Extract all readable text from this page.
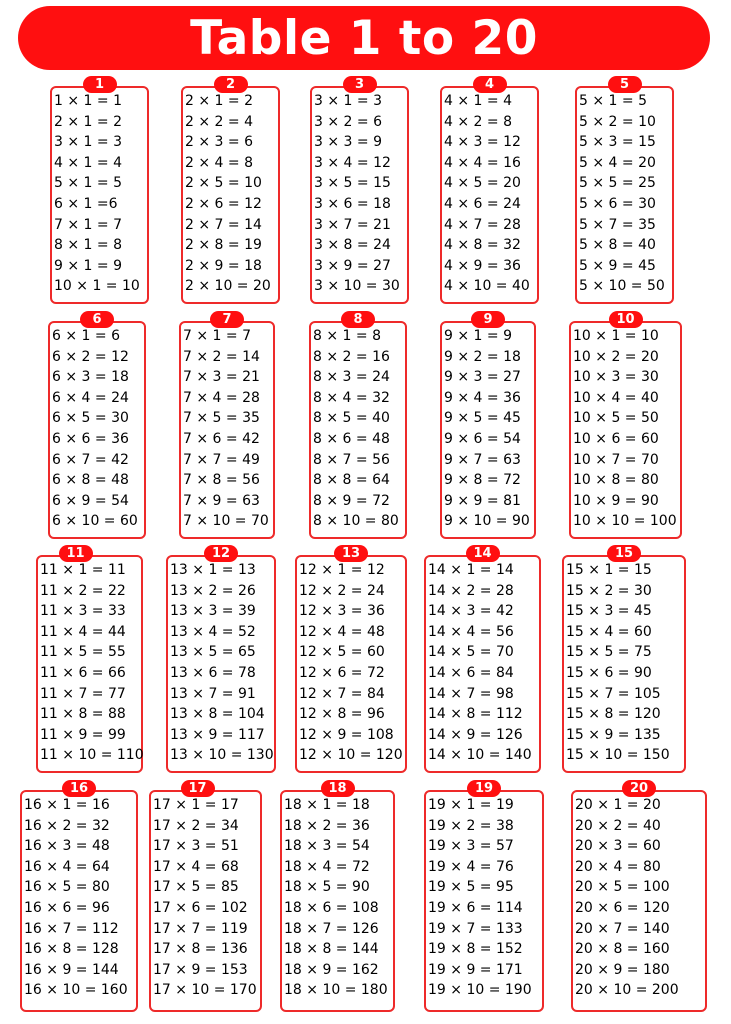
Table 1 to 20
1
1 × 1 = 1
2 × 1 = 2
3 × 1 = 3
4 × 1 = 4
5 × 1 = 5
6 × 1 =6
7 × 1 = 7
8 × 1 = 8
9 × 1 = 9
10 × 1 = 10
2
2 × 1 = 2
2 × 2 = 4
2 × 3 = 6
2 × 4 = 8
2 × 5 = 10
2 × 6 = 12
2 × 7 = 14
2 × 8 = 19
2 × 9 = 18
2 × 10 = 20
3
3 × 1 = 3
3 × 2 = 6
3 × 3 = 9
3 × 4 = 12
3 × 5 = 15
3 × 6 = 18
3 × 7 = 21
3 × 8 = 24
3 × 9 = 27
3 × 10 = 30
4
4 × 1 = 4
4 × 2 = 8
4 × 3 = 12
4 × 4 = 16
4 × 5 = 20
4 × 6 = 24
4 × 7 = 28
4 × 8 = 32
4 × 9 = 36
4 × 10 = 40
5
5 × 1 = 5
5 × 2 = 10
5 × 3 = 15
5 × 4 = 20
5 × 5 = 25
5 × 6 = 30
5 × 7 = 35
5 × 8 = 40
5 × 9 = 45
5 × 10 = 50
6
6 × 1 = 6
6 × 2 = 12
6 × 3 = 18
6 × 4 = 24
6 × 5 = 30
6 × 6 = 36
6 × 7 = 42
6 × 8 = 48
6 × 9 = 54
6 × 10 = 60
7
7 × 1 = 7
7 × 2 = 14
7 × 3 = 21
7 × 4 = 28
7 × 5 = 35
7 × 6 = 42
7 × 7 = 49
7 × 8 = 56
7 × 9 = 63
7 × 10 = 70
8
8 × 1 = 8
8 × 2 = 16
8 × 3 = 24
8 × 4 = 32
8 × 5 = 40
8 × 6 = 48
8 × 7 = 56
8 × 8 = 64
8 × 9 = 72
8 × 10 = 80
9
9 × 1 = 9
9 × 2 = 18
9 × 3 = 27
9 × 4 = 36
9 × 5 = 45
9 × 6 = 54
9 × 7 = 63
9 × 8 = 72
9 × 9 = 81
9 × 10 = 90
10
10 × 1 = 10
10 × 2 = 20
10 × 3 = 30
10 × 4 = 40
10 × 5 = 50
10 × 6 = 60
10 × 7 = 70
10 × 8 = 80
10 × 9 = 90
10 × 10 = 100
11
11 × 1 = 11
11 × 2 = 22
11 × 3 = 33
11 × 4 = 44
11 × 5 = 55
11 × 6 = 66
11 × 7 = 77
11 × 8 = 88
11 × 9 = 99
11 × 10 = 110
12
13 × 1 = 13
13 × 2 = 26
13 × 3 = 39
13 × 4 = 52
13 × 5 = 65
13 × 6 = 78
13 × 7 = 91
13 × 8 = 104
13 × 9 = 117
13 × 10 = 130
13
12 × 1 = 12
12 × 2 = 24
12 × 3 = 36
12 × 4 = 48
12 × 5 = 60
12 × 6 = 72
12 × 7 = 84
12 × 8 = 96
12 × 9 = 108
12 × 10 = 120
14
14 × 1 = 14
14 × 2 = 28
14 × 3 = 42
14 × 4 = 56
14 × 5 = 70
14 × 6 = 84
14 × 7 = 98
14 × 8 = 112
14 × 9 = 126
14 × 10 = 140
15
15 × 1 = 15
15 × 2 = 30
15 × 3 = 45
15 × 4 = 60
15 × 5 = 75
15 × 6 = 90
15 × 7 = 105
15 × 8 = 120
15 × 9 = 135
15 × 10 = 150
16
16 × 1 = 16
16 × 2 = 32
16 × 3 = 48
16 × 4 = 64
16 × 5 = 80
16 × 6 = 96
16 × 7 = 112
16 × 8 = 128
16 × 9 = 144
16 × 10 = 160
17
17 × 1 = 17
17 × 2 = 34
17 × 3 = 51
17 × 4 = 68
17 × 5 = 85
17 × 6 = 102
17 × 7 = 119
17 × 8 = 136
17 × 9 = 153
17 × 10 = 170
18
18 × 1 = 18
18 × 2 = 36
18 × 3 = 54
18 × 4 = 72
18 × 5 = 90
18 × 6 = 108
18 × 7 = 126
18 × 8 = 144
18 × 9 = 162
18 × 10 = 180
19
19 × 1 = 19
19 × 2 = 38
19 × 3 = 57
19 × 4 = 76
19 × 5 = 95
19 × 6 = 114
19 × 7 = 133
19 × 8 = 152
19 × 9 = 171
19 × 10 = 190
20
20 × 1 = 20
20 × 2 = 40
20 × 3 = 60
20 × 4 = 80
20 × 5 = 100
20 × 6 = 120
20 × 7 = 140
20 × 8 = 160
20 × 9 = 180
20 × 10 = 200
